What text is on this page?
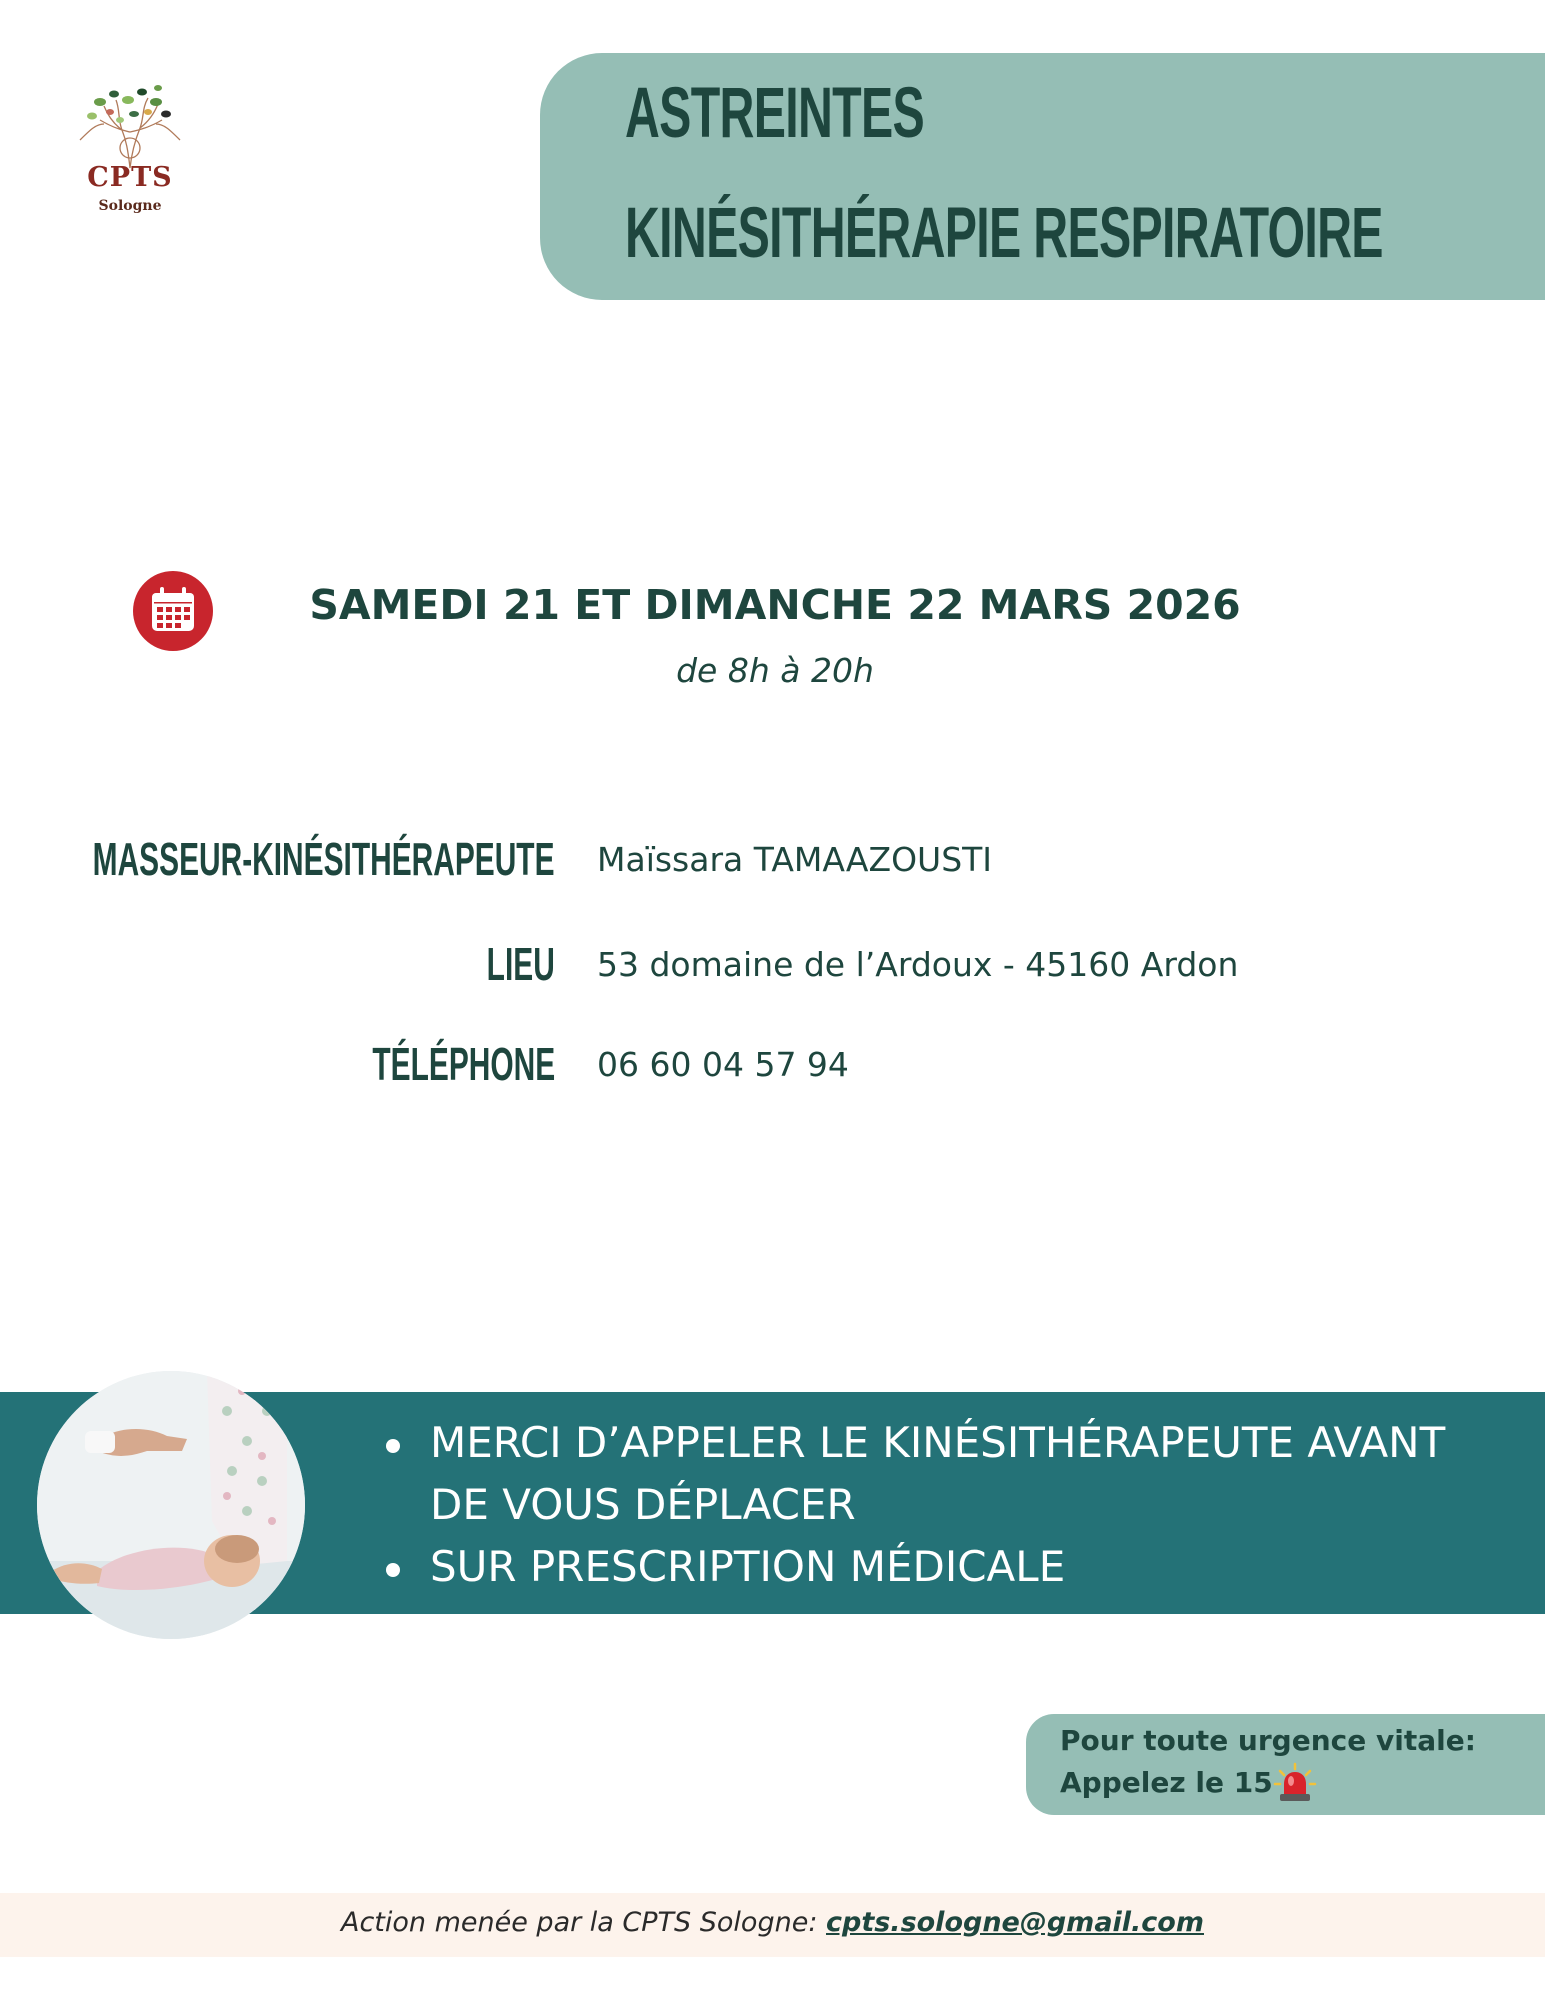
CPTS
Sologne
ASTREINTES
KINÉSITHÉRAPIE RESPIRATOIRE
SAMEDI 21 ET DIMANCHE 22 MARS 2026
de 8h à 20h
MASSEUR-KINÉSITHÉRAPEUTE Maïssara TAMAAZOUSTI
LIEU 53 domaine de l’Ardoux - 45160 Ardon
TÉLÉPHONE 06 60 04 57 94
MERCI D’APPELER LE KINÉSITHÉRAPEUTE AVANT DE VOUS DÉPLACER
SUR PRESCRIPTION MÉDICALE
Pour toute urgence vitale:
Appelez le 15
Action menée par la CPTS Sologne: cpts.sologne@gmail.com
